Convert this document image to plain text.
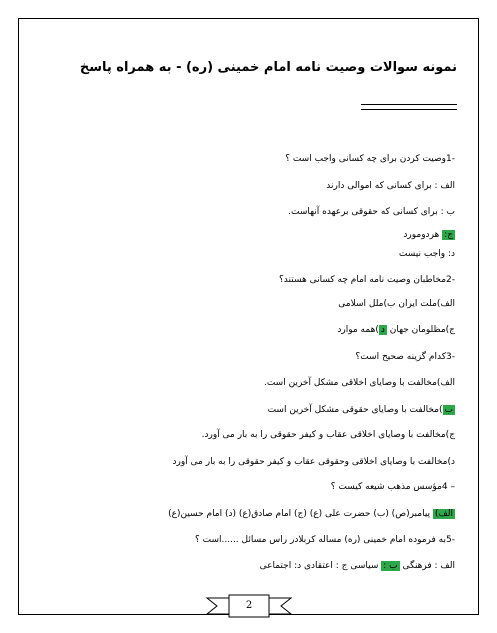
نمونه سوالات وصیت نامه امام خمینی (ره) - به همراه پاسخ
-1وصیت کردن برای چه کسانی واجب است ؟
الف : برای کسانی که اموالی دارند
ب : برای کسانی که حقوقی برعهده آنهاست.
ج: هردومورد
د: واجب نیست
-2مخاطبان وصیت نامه امام چه کسانی هستند؟
الف)ملت ایران ب)ملل اسلامی
ج)مظلومان جهان د)همه موارد
-3کدام گزینه صحیح است؟
الف)مخالفت با وصایای اخلاقی مشکل آخرین است.
ب)مخالفت با وصایای حقوقی مشکل آخرین است
ج)مخالفت با وصایای اخلاقی عقاب و کیفر حقوقی را به بار می آورد.
د)مخالفت با وصایای اخلاقی وحقوقی عقاب و کیفر حقوقی را به بار می آورد
– 4مؤسس مذهب شیعه کیست ؟
الف) پیامبر(ص) (ب) حضرت علی (ع) (ج) امام صادق(ع) (د) امام حسین(ع)
-5به فرموده امام خمینی (ره) مساله کربلادر راس مسائل ......است ؟
الف : فرهنگی ب : سیاسی ج : اعتقادی د: اجتماعی
2
